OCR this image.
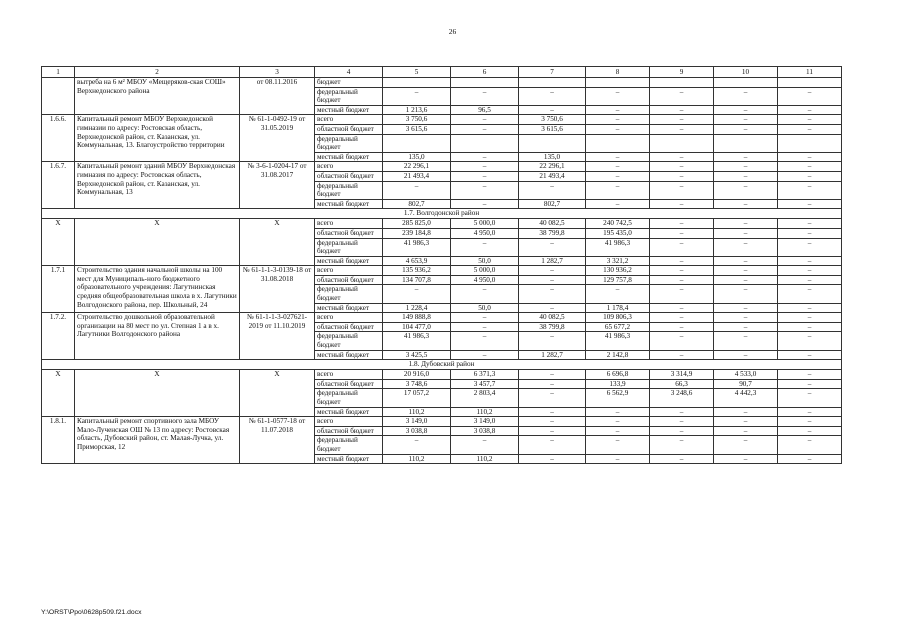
26
1	2	3	4	5	6	7	8	9	10	11
	вытреба на 6 м² МБОУ «Мещеряков-ская СОШ» Верхнедонского района	от 08.11.2016	бюджет							
			федеральный бюджет	–	–	–	–	–	–	–
			местный бюджет	1 213,6	96,5	–	–	–	–	–
1.6.6.	Капитальный ремонт МБОУ Верхнедонской гимназии по адресу: Ростовская область, Верхнедонской район, ст. Казанская, ул. Коммунальная, 13. Благоустройство территории	№ 61-1-0492-19 от 31.05.2019	всего	3 750,6	–	3 750,6	–	–	–	–
			областной бюджет	3 615,6	–	3 615,6	–	–	–	–
			федеральный бюджет							
			местный бюджет	135,0	–	135,0	–	–	–	–
1.6.7.	Капитальный ремонт зданий МБОУ Верхнедонская гимназия по адресу: Ростовская область, Верхнедонской район, ст. Казанская, ул. Коммунальная, 13	№ 3-6-1-0204-17 от 31.08.2017	всего	22 296,1	–	22 296,1	–	–	–	–
			областной бюджет	21 493,4	–	21 493,4	–	–	–	–
			федеральный бюджет	–	–	–	–	–	–	–
			местный бюджет	802,7	–	802,7	–	–	–	–
1.7. Волгодонской район										
Х	Х	Х	всего	285 825,0	5 000,0	40 082,5	240 742,5	–	–	–
			областной бюджет	239 184,8	4 950,0	38 799,8	195 435,0	–	–	–
			федеральный бюджет	41 986,3	–	–	41 986,3	–	–	–
			местный бюджет	4 653,9	50,0	1 282,7	3 321,2	–	–	–
1.7.1	Строительство здания начальной школы на 100 мест для Муниципаль-ного бюджетного образовательного учреждения: Лагутнинская средняя общеобразовательная школа в х. Лагутники Волгодонского района, пер. Школьный, 24	№ 61-1-1-3-0139-18 от 31.08.2018	всего	135 936,2	5 000,0	–	130 936,2	–	–	–
			областной бюджет	134 707,8	4 950,0	–	129 757,8	–	–	–
			федеральный бюджет	–	–	–	–	–	–	–
			местный бюджет	1 228,4	50,0	–	1 178,4	–	–	–
1.7.2.	Строительство дошкольной образовательной организации на 80 мест по ул. Степная 1 а в х. Лагутники Волгодонского района	№ 61-1-1-3-027621-2019 от 11.10.2019	всего	149 888,8	–	40 082,5	109 806,3	–	–	–
			областной бюджет	104 477,0	–	38 799,8	65 677,2	–	–	–
			федеральный бюджет	41 986,3	–	–	41 986,3	–	–	–
			местный бюджет	3 425,5	–	1 282,7	2 142,8	–	–	–
1.8. Дубовский район										
Х	Х	Х	всего	20 916,0	6 371,3	–	6 696,8	3 314,9	4 533,0	–
			областной бюджет	3 748,6	3 457,7	–	133,9	66,3	90,7	–
			федеральный бюджет	17 057,2	2 803,4	–	6 562,9	3 248,6	4 442,3	–
			местный бюджет	110,2	110,2	–	–	–	–	–
1.8.1.	Капитальный ремонт спортивного зала МБОУ Мало-Лученская ОШ № 13 по адресу: Ростовская область, Дубовский район, ст. Малая-Лучка, ул. Приморская, 12	№ 61-1-0577-18 от 11.07.2018	всего	3 149,0	3 149,0	–	–	–	–	–
			областной бюджет	3 038,8	3 038,8	–	–	–	–	–
			федеральный бюджет	–	–	–	–	–	–	–
			местный бюджет	110,2	110,2	–	–	–	–	–
Y:\ORST\Ppo\0628p509.f21.docx
